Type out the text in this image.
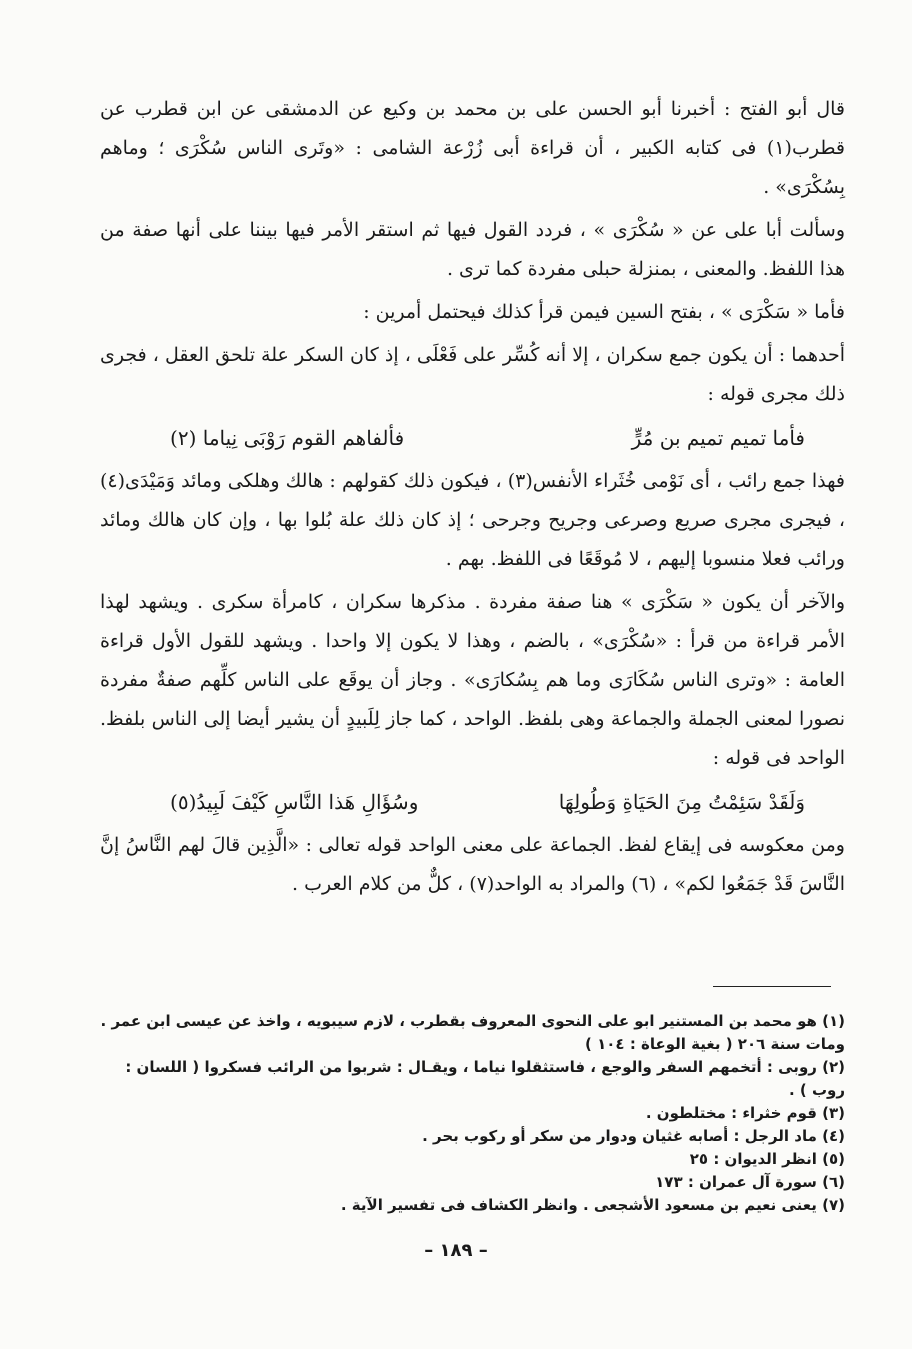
قال أبو الفتح : أخبرنا أبو الحسن على بن محمد بن وكيع عن الدمشقى عن ابن قطرب عن قطرب(١) فى كتابه الكبير ، أن قراءة أبى زُرْعة الشامى : «وتَرى الناس سُكْرَى ؛ وماهم بِسُكْرَى» .

وسألت أبا على عن « سُكْرَى » ، فردد القول فيها ثم استقر الأمر فيها بيننا على أنها صفة من هذا اللفظ. والمعنى ، بمنزلة حبلى مفردة كما ترى .

فأما « سَكْرَى » ، بفتح السين فيمن قرأ كذلك فيحتمل أمرين :

أحدهما : أن يكون جمع سكران ، إلا أنه كُسِّر على فَعْلَى ، إذ كان السكر علة تلحق العقل ، فجرى ذلك مجرى قوله :

فأما تميم تميم بن مُرٍّ
فألفاهم القوم رَوْبَى نِياما (٢)

فهذا جمع رائب ، أى نَوْمى خُثَراء الأنفس(٣) ، فيكون ذلك كقولهم : هالك وهلكى ومائد وَمَيْدَى(٤) ، فيجرى مجرى صريع وصرعى وجريح وجرحى ؛ إذ كان ذلك علة بُلوا بها ، وإن كان هالك ومائد ورائب فعلا منسوبا إليهم ، لا مُوقَعًا فى اللفظ. بهم .

والآخر أن يكون « سَكْرَى » هنا صفة مفردة . مذكرها سكران ، كامرأة سكرى . ويشهد لهذا الأمر قراءة من قرأ : «سُكْرَى» ، بالضم ، وهذا لا يكون إلا واحدا . ويشهد للقول الأول قراءة العامة : «وترى الناس سُكَارَى وما هم بِسُكارَى» . وجاز أن يوقَع على الناس كلِّهم صفةٌ مفردة نصورا لمعنى الجملة والجماعة وهى بلفظ. الواحد ، كما جاز لِلَبيدٍ أن يشير أيضا إلى الناس بلفظ. الواحد فى قوله :

وَلَقَدْ سَئِمْتُ مِنَ الحَيَاةِ وَطُولِهَا
وسُؤَالِ هَذا النَّاسِ كَيْفَ لَبِيدُ(٥)

ومن معكوسه فى إيقاع لفظ. الجماعة على معنى الواحد قوله تعالى : «الَّذِين قالَ لهم النَّاسُ إنَّ النَّاسَ قَدْ جَمَعُوا لكم» ، (٦) والمراد به الواحد(٧) ، كلٌّ من كلام العرب .

(١) هو محمد بن المستنير ابو على النحوى المعروف بقطرب ، لازم سيبويه ، واخذ عن عيسى ابن عمر . ومات سنة ٢٠٦ ( بغية الوعاة : ١٠٤ )

(٢) روبى : أتخمهم السفر والوجع ، فاستثقلوا نياما ، ويقـال : شربوا من الرائب فسكروا ( اللسان : روب ) .

(٣) قوم خثراء : مختلطون .

(٤) ماد الرجل : أصابه غثيان ودوار من سكر أو ركوب بحر .

(٥) انظر الديوان : ٢٥

(٦) سورة آل عمران : ١٧٣

(٧) يعنى نعيم بن مسعود الأشجعى . وانظر الكشاف فى تفسير الآية .

– ١٨٩ –
